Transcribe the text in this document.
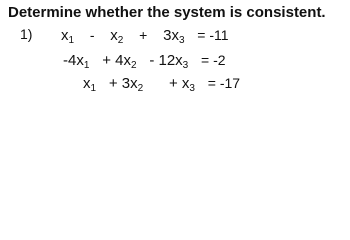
Determine whether the system is consistent.
1) x1 - x2 + 3x3 = -11
-4x1 + 4x2 - 12x3 = -2
x1 + 3x2 + x3 = -17
